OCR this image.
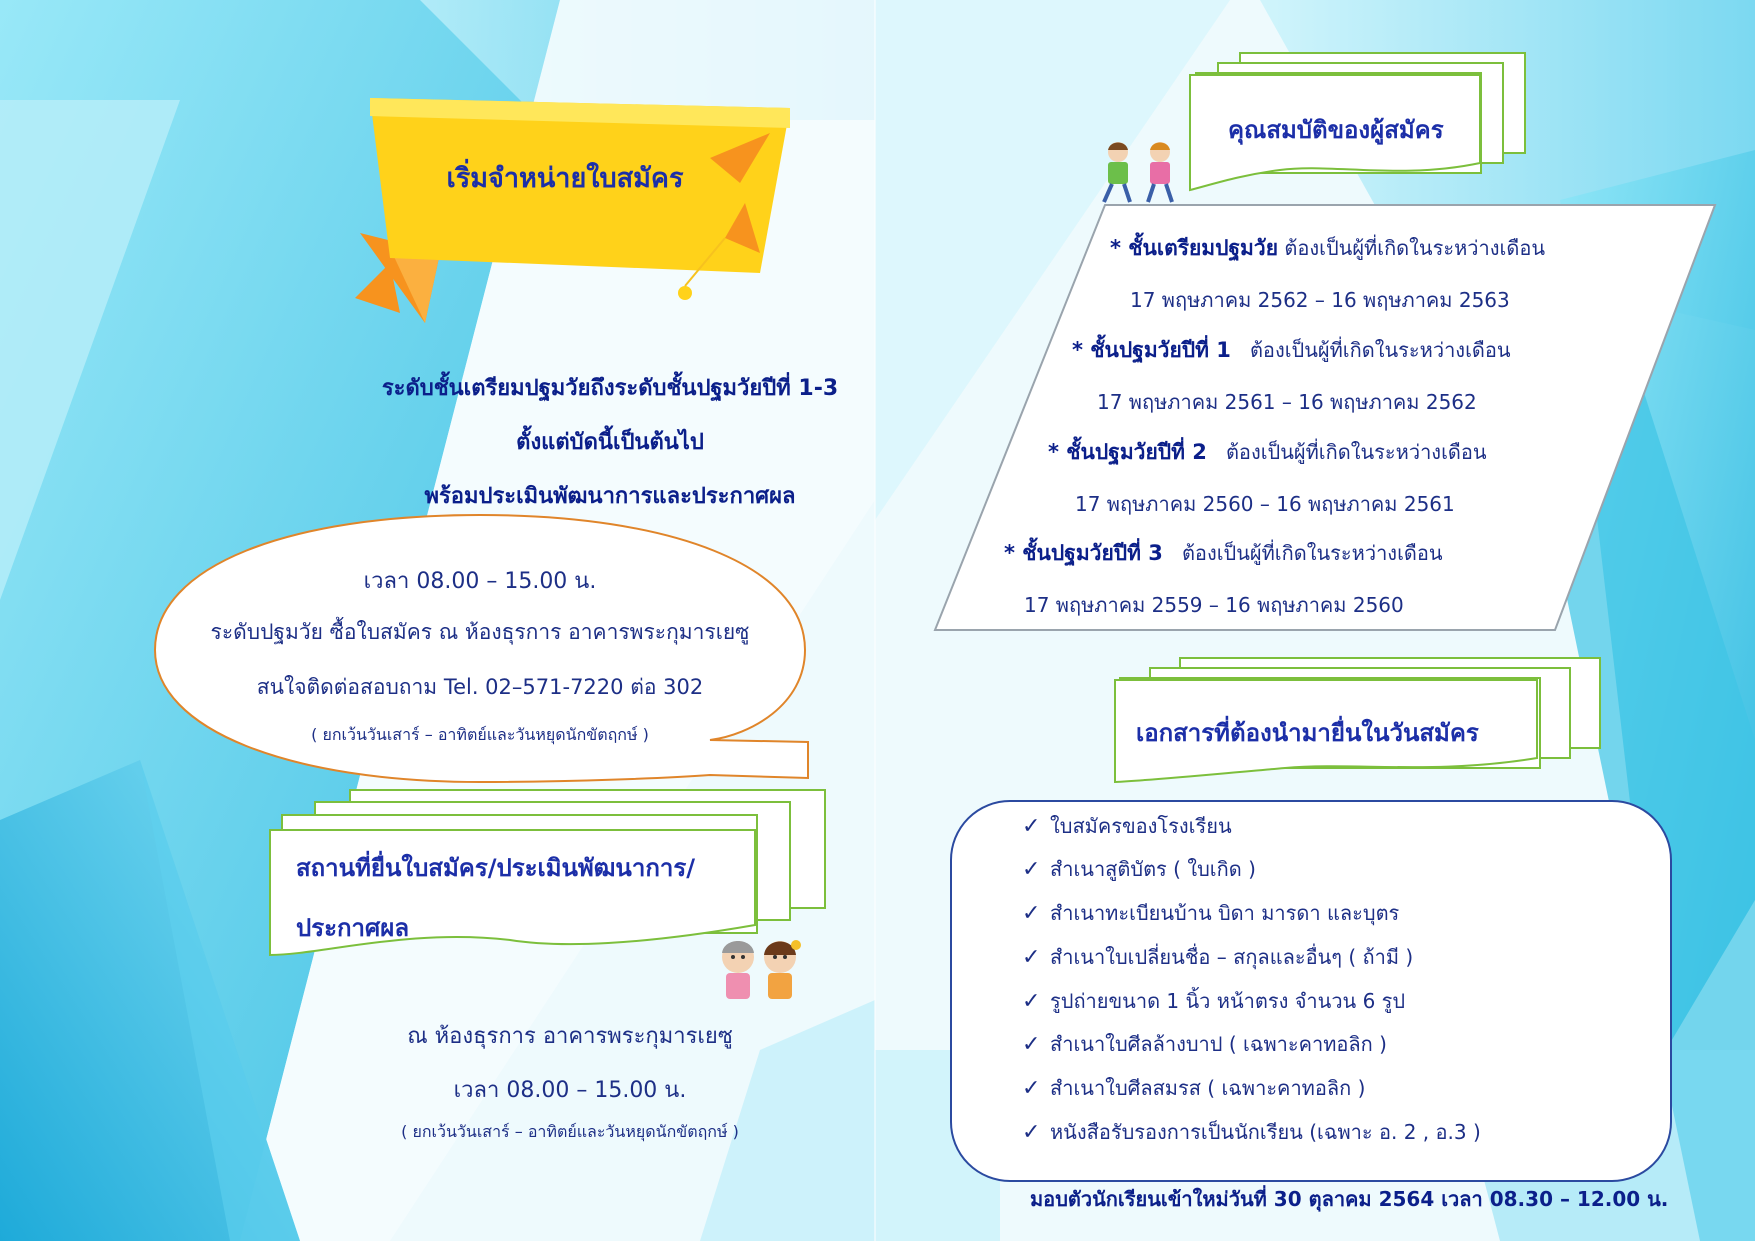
เริ่มจำหน่ายใบสมัคร
ระดับชั้นเตรียมปฐมวัยถึงระดับชั้นปฐมวัยปีที่ 1-3
ตั้งแต่บัดนี้เป็นต้นไป
พร้อมประเมินพัฒนาการและประกาศผล
เวลา 08.00 – 15.00 น.
ระดับปฐมวัย ซื้อใบสมัคร ณ ห้องธุรการ อาคารพระกุมารเยซู
สนใจติดต่อสอบถาม Tel. 02–571-7220 ต่อ 302
( ยกเว้นวันเสาร์ – อาทิตย์และวันหยุดนักขัตฤกษ์ )
สถานที่ยื่นใบสมัคร/ประเมินพัฒนาการ/
ประกาศผล
ณ ห้องธุรการ อาคารพระกุมารเยซู
เวลา 08.00 – 15.00 น.
( ยกเว้นวันเสาร์ – อาทิตย์และวันหยุดนักขัตฤกษ์ )
คุณสมบัติของผู้สมัคร
* ชั้นเตรียมปฐมวัย ต้องเป็นผู้ที่เกิดในระหว่างเดือน
17 พฤษภาคม 2562 – 16 พฤษภาคม 2563
* ชั้นปฐมวัยปีที่ 1 ต้องเป็นผู้ที่เกิดในระหว่างเดือน
17 พฤษภาคม 2561 – 16 พฤษภาคม 2562
* ชั้นปฐมวัยปีที่ 2 ต้องเป็นผู้ที่เกิดในระหว่างเดือน
17 พฤษภาคม 2560 – 16 พฤษภาคม 2561
* ชั้นปฐมวัยปีที่ 3 ต้องเป็นผู้ที่เกิดในระหว่างเดือน
17 พฤษภาคม 2559 – 16 พฤษภาคม 2560
เอกสารที่ต้องนำมายื่นในวันสมัคร
✓ ใบสมัครของโรงเรียน
✓ สำเนาสูติบัตร ( ใบเกิด )
✓ สำเนาทะเบียนบ้าน บิดา มารดา และบุตร
✓ สำเนาใบเปลี่ยนชื่อ – สกุลและอื่นๆ ( ถ้ามี )
✓ รูปถ่ายขนาด 1 นิ้ว หน้าตรง จำนวน 6 รูป
✓ สำเนาใบศีลล้างบาป ( เฉพาะคาทอลิก )
✓ สำเนาใบศีลสมรส ( เฉพาะคาทอลิก )
✓ หนังสือรับรองการเป็นนักเรียน (เฉพาะ อ. 2 , อ.3 )
มอบตัวนักเรียนเข้าใหม่วันที่ 30 ตุลาคม 2564 เวลา 08.30 – 12.00 น.
